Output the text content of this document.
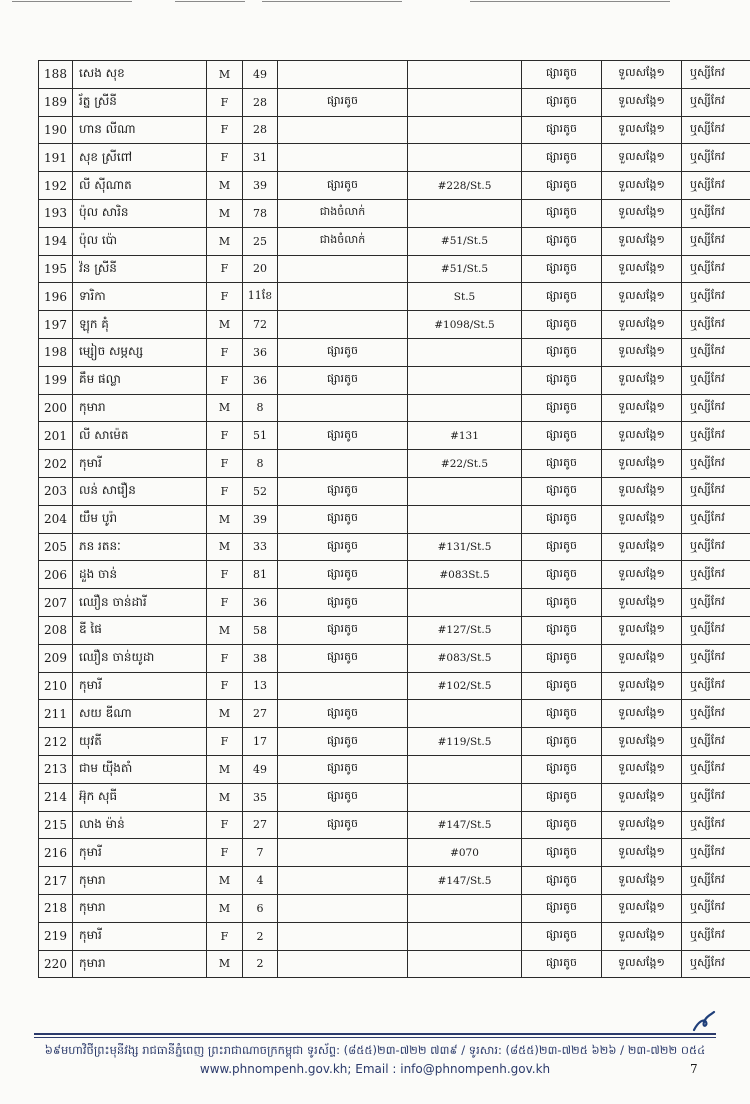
188	សេង សុខ	M	49			ផ្សារតូច	ទួលសង្កែ១	ឬស្សីកែវ
189	រ័ត្ន ស្រីនី	F	28	ផ្សារតូច		ផ្សារតូច	ទួលសង្កែ១	ឬស្សីកែវ
190	ហាន លីណា	F	28			ផ្សារតូច	ទួលសង្កែ១	ឬស្សីកែវ
191	សុខ ស្រីពៅ	F	31			ផ្សារតូច	ទួលសង្កែ១	ឬស្សីកែវ
192	លី ស៊ីណាត	M	39	ផ្សារតូច	#228/St.5	ផ្សារតូច	ទួលសង្កែ១	ឬស្សីកែវ
193	ប៉ុល សារិន	M	78	ជាងចំលាក់		ផ្សារតូច	ទួលសង្កែ១	ឬស្សីកែវ
194	ប៉ុល ប៉ោ	M	25	ជាងចំលាក់	#51/St.5	ផ្សារតូច	ទួលសង្កែ១	ឬស្សីកែវ
195	វ៉ន ស្រីនី	F	20		#51/St.5	ផ្សារតូច	ទួលសង្កែ១	ឬស្សីកែវ
196	ទារិកា	F	11ខែ		St.5	ផ្សារតូច	ទួលសង្កែ១	ឬស្សីកែវ
197	ឡុក គុំ	M	72		#1098/St.5	ផ្សារតូច	ទួលសង្កែ១	ឬស្សីកែវ
198	ម្សៀច សម្ភស្ស	F	36	ផ្សារតូច		ផ្សារតូច	ទួលសង្កែ១	ឬស្សីកែវ
199	គឹម ផល្លា	F	36	ផ្សារតូច		ផ្សារតូច	ទួលសង្កែ១	ឬស្សីកែវ
200	កុមារា	M	8			ផ្សារតូច	ទួលសង្កែ១	ឬស្សីកែវ
201	លី សាម៉េត	F	51	ផ្សារតូច	#131	ផ្សារតូច	ទួលសង្កែ១	ឬស្សីកែវ
202	កុមារី	F	8		#22/St.5	ផ្សារតូច	ទួលសង្កែ១	ឬស្សីកែវ
203	លន់ សារឿន	F	52	ផ្សារតូច		ផ្សារតូច	ទួលសង្កែ១	ឬស្សីកែវ
204	យឹម បូរ៉ា	M	39	ផ្សារតូច		ផ្សារតូច	ទួលសង្កែ១	ឬស្សីកែវ
205	ភន រតនៈ	M	33	ផ្សារតូច	#131/St.5	ផ្សារតូច	ទួលសង្កែ១	ឬស្សីកែវ
206	ដួង ចាន់	F	81	ផ្សារតូច	#083St.5	ផ្សារតូច	ទួលសង្កែ១	ឬស្សីកែវ
207	ឈឿន ចាន់ដារី	F	36	ផ្សារតូច		ផ្សារតូច	ទួលសង្កែ១	ឬស្សីកែវ
208	ឌី ផៃ	M	58	ផ្សារតូច	#127/St.5	ផ្សារតូច	ទួលសង្កែ១	ឬស្សីកែវ
209	ឈឿន ចាន់យូដា	F	38	ផ្សារតូច	#083/St.5	ផ្សារតូច	ទួលសង្កែ១	ឬស្សីកែវ
210	កុមារី	F	13		#102/St.5	ផ្សារតូច	ទួលសង្កែ១	ឬស្សីកែវ
211	សយ ឌីណា	M	27	ផ្សារតូច		ផ្សារតូច	ទួលសង្កែ១	ឬស្សីកែវ
212	យុវតី	F	17	ផ្សារតូច	#119/St.5	ផ្សារតូច	ទួលសង្កែ១	ឬស្សីកែវ
213	ជាម យ៉ីងតាំ	M	49	ផ្សារតូច		ផ្សារតូច	ទួលសង្កែ១	ឬស្សីកែវ
214	អ៊ុក សុធី	M	35	ផ្សារតូច		ផ្សារតូច	ទួលសង្កែ១	ឬស្សីកែវ
215	លាង ម៉ាន់	F	27	ផ្សារតូច	#147/St.5	ផ្សារតូច	ទួលសង្កែ១	ឬស្សីកែវ
216	កុមារី	F	7		#070	ផ្សារតូច	ទួលសង្កែ១	ឬស្សីកែវ
217	កុមារា	M	4		#147/St.5	ផ្សារតូច	ទួលសង្កែ១	ឬស្សីកែវ
218	កុមារា	M	6			ផ្សារតូច	ទួលសង្កែ១	ឬស្សីកែវ
219	កុមារី	F	2			ផ្សារតូច	ទួលសង្កែ១	ឬស្សីកែវ
220	កុមារា	M	2			ផ្សារតូច	ទួលសង្កែ១	ឬស្សីកែវ
៦៩មហាវិថីព្រះមុនីវង្ស រាជធានីភ្នំពេញ ព្រះរាជាណាចក្រកម្ពុជា ទូរស័ព្ទ: (៨៥៥)២៣-៧២២ ៧៣៩ / ទូរសារ: (៨៥៥)២៣-៧២៥ ៦២៦ / ២៣-៧២២ ០៥៤
www.phnompenh.gov.kh; Email : info@phnompenh.gov.kh	7
